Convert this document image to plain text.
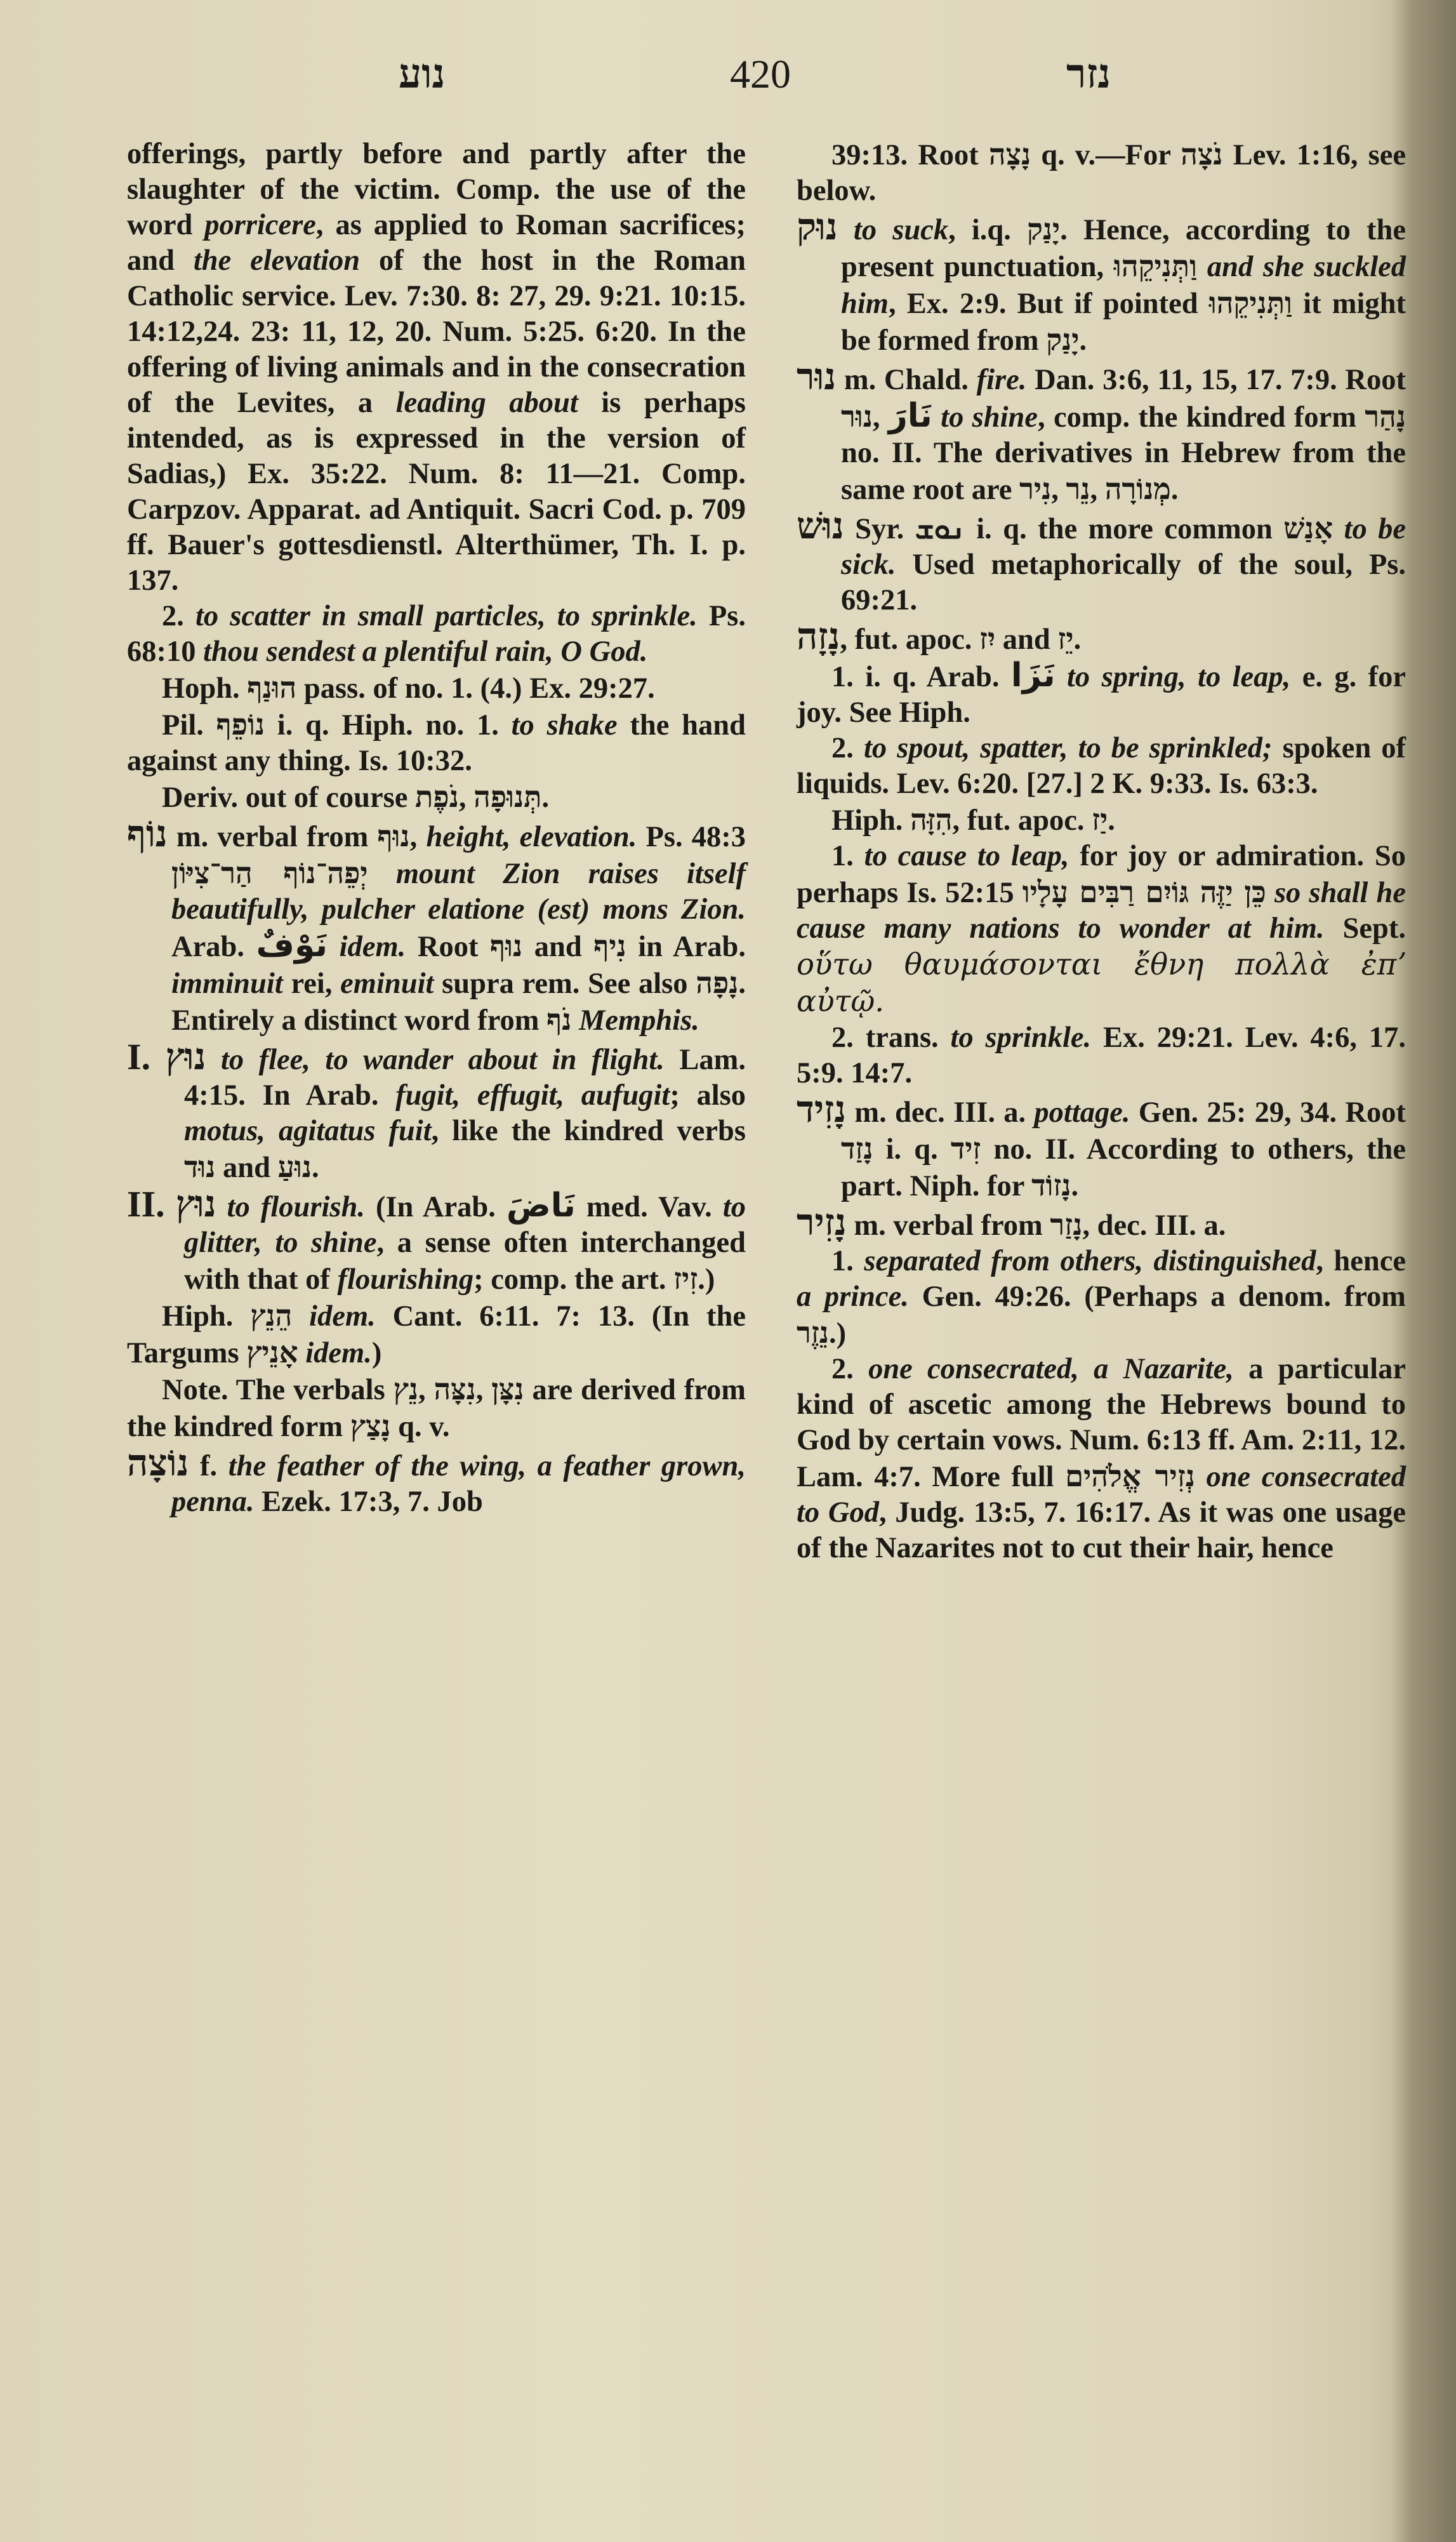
נוע	420	נזר

offerings, partly before and partly after the slaughter of the victim. Comp. the use of the word porricere, as applied to Roman sacrifices; and the elevation of the host in the Roman Catholic service. Lev. 7:30. 8: 27, 29. 9:21. 10:15. 14:12,24. 23: 11, 12, 20. Num. 5:25. 6:20. In the offering of living animals and in the consecration of the Levites, a leading about is perhaps intended, as is expressed in the version of Sadias,) Ex. 35:22. Num. 8: 11—21. Comp. Carpzov. Apparat. ad Antiquit. Sacri Cod. p. 709 ff. Bauer's gottesdienstl. Alterthümer, Th. I. p. 137.

2. to scatter in small particles, to sprinkle. Ps. 68:10 thou sendest a plentiful rain, O God.

Hoph. הוּנַף pass. of no. 1. (4.) Ex. 29:27.

Pil. נוֹפֵף i. q. Hiph. no. 1. to shake the hand against any thing. Is. 10:32.

Deriv. out of course נֹפֶת, תְּנוּפָה.

נוֹף m. verbal from נוּף, height, elevation. Ps. 48:3 יְפֵה־נוֹף הַר־צִיּוֹן mount Zion raises itself beautifully, pulcher elatione (est) mons Zion. Arab. نَوْفٌ idem. Root נוּף and נִיף in Arab. imminuit rei, eminuit supra rem. See also נָפָה. Entirely a distinct word from נֹף Memphis.

I. נוּץ to flee, to wander about in flight. Lam. 4:15. In Arab. fugit, effugit, aufugit; also motus, agitatus fuit, like the kindred verbs נוּד and נוּעַ.

II. נוּץ to flourish. (In Arab. نَاضَ med. Vav. to glitter, to shine, a sense often interchanged with that of flourishing; comp. the art. זִיז.)

Hiph. הֵנֵץ idem. Cant. 6:11. 7: 13. (In the Targums אָנֵיץ idem.)

Note. The verbals נֵץ, נִצָּה, נִצָּן are derived from the kindred form נָצַץ q. v.

נוֹצָה f. the feather of the wing, a feather grown, penna. Ezek. 17:3, 7. Job

39:13. Root נָצָה q. v.—For נֹצָה Lev. 1:16, see below.

נוּק to suck, i.q. יָנַק. Hence, according to the present punctuation, וַתְּנִיקֵהוּ and she suckled him, Ex. 2:9. But if pointed וַתְּנִיקֵהוּ it might be formed from יָנַק.

נוּר m. Chald. fire. Dan. 3:6, 11, 15, 17. 7:9. Root נוּר, نَارَ to shine, comp. the kindred form נָהַר no. II. The derivatives in Hebrew from the same root are נִיר, נֵר, מְנוֹרָה.

נוּשׁ Syr. ܢܘܫ i. q. the more common אָנַשׁ to be sick. Used metaphorically of the soul, Ps. 69:21.

נָזָה, fut. apoc. יִז and יֵז.

1. i. q. Arab. نَزَا to spring, to leap, e. g. for joy. See Hiph.

2. to spout, spatter, to be sprinkled; spoken of liquids. Lev. 6:20. [27.] 2 K. 9:33. Is. 63:3.

Hiph. הִזָּה, fut. apoc. יַז.

1. to cause to leap, for joy or admiration. So perhaps Is. 52:15 כֵּן יַזֶּה גּוֹיִם רַבִּים עָלָיו so shall he cause many nations to wonder at him. Sept. οὕτω θαυμάσονται ἔθνη πολλὰ ἐπʼ αὐτῷ.

2. trans. to sprinkle. Ex. 29:21. Lev. 4:6, 17. 5:9. 14:7.

נָזִיד m. dec. III. a. pottage. Gen. 25: 29, 34. Root נָזַד i. q. זִיד no. II. According to others, the part. Niph. for נָזוֹד.

נָזִיר m. verbal from נָזַר, dec. III. a.

1. separated from others, distinguished, hence a prince. Gen. 49:26. (Perhaps a denom. from נֵזֶר.)

2. one consecrated, a Nazarite, a particular kind of ascetic among the Hebrews bound to God by certain vows. Num. 6:13 ff. Am. 2:11, 12. Lam. 4:7. More full נְזִיר אֱלֹהִים one consecrated to God, Judg. 13:5, 7. 16:17. As it was one usage of the Nazarites not to cut their hair, hence
